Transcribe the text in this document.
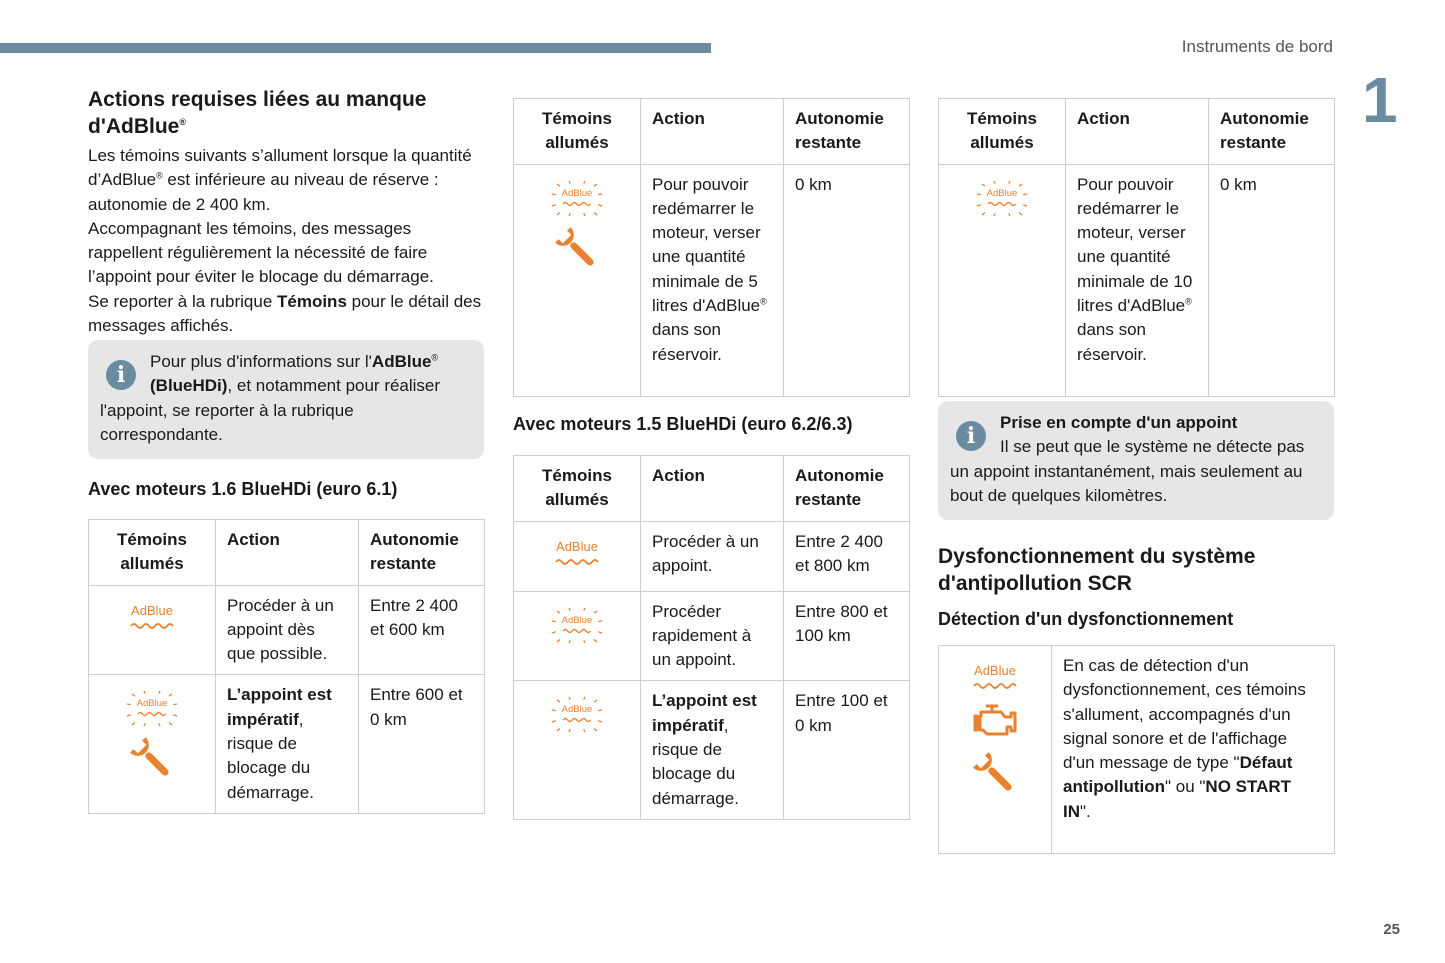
Instruments de bord
1
25
Actions requises liées au manque
d'AdBlue®

Les témoins suivants s’allument lorsque la quantité d’AdBlue® est inférieure au niveau de réserve : autonomie de 2 400 km.
Accompagnant les témoins, des messages rappellent régulièrement la nécessité de faire l’appoint pour éviter le blocage du démarrage.
Se reporter à la rubrique Témoins pour le détail des messages affichés.

i
Pour plus d'informations sur l'AdBlue® (BlueHDi), et notamment pour réaliser l'appoint, se reporter à la rubrique correspondante.
Avec moteurs 1.6 BlueHDi (euro 6.1)
Témoins allumés	Action	Autonomie restante

AdBlue	Procéder à un appoint dès que possible.	Entre 2 400 et 600 km

AdBlue	L’appoint est impératif, risque de blocage du démarrage.	Entre 600 et 0 km
Témoins allumés	Action	Autonomie restante

AdBlue	Pour pouvoir redémarrer le moteur, verser une quantité minimale de 5 litres d'AdBlue® dans son réservoir.	0 km
Avec moteurs 1.5 BlueHDi (euro 6.2/6.3)
Témoins allumés	Action	Autonomie restante

AdBlue	Procéder à un appoint.	Entre 2 400 et 800 km

AdBlue	Procéder rapidement à un appoint.	Entre 800 et 100 km

AdBlue	L’appoint est impératif, risque de blocage du démarrage.	Entre 100 et 0 km
Témoins allumés	Action	Autonomie restante

AdBlue	Pour pouvoir redémarrer le moteur, verser une quantité minimale de 10 litres d'AdBlue® dans son réservoir.	0 km
i
Prise en compte d'un appoint
Il se peut que le système ne détecte pas un appoint instantanément, mais seulement au bout de quelques kilomètres.
Dysfonctionnement du système d'antipollution SCR
Détection d'un dysfonctionnement
AdBlue	En cas de détection d'un dysfonctionnement, ces témoins s'allument, accompagnés d'un signal sonore et de l'affichage d'un message de type "Défaut antipollution" ou "NO START IN".
